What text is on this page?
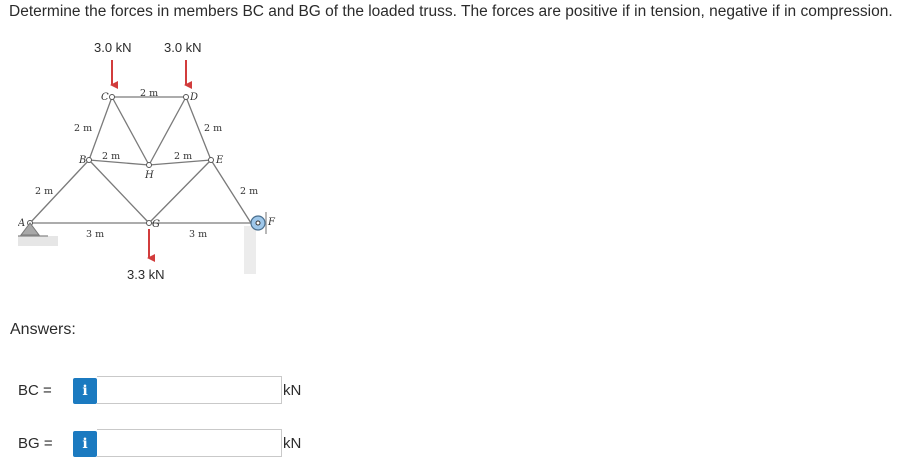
Determine the forces in members BC and BG of the loaded truss. The forces are positive if in tension, negative if in compression.
3.0 kN 3.0 kN
3.3 kN
A
B
C	D
E
F
G
H
2 m
2 m	2 m
2 m	2 m
2 m	2 m
3 m	3 m
Answers:
BC =	i	kN
BG =	i	kN
